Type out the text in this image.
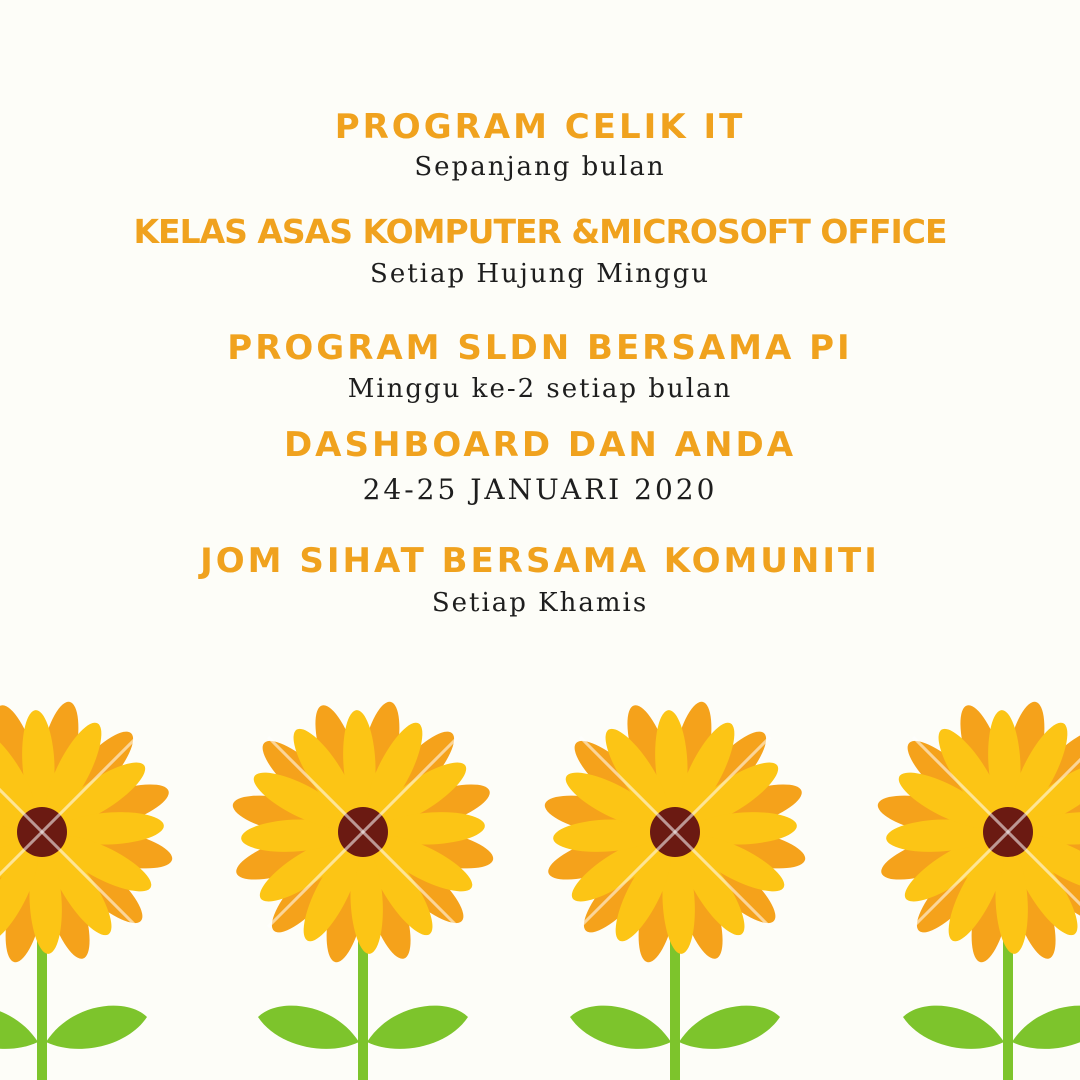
PROGRAM CELIK IT
Sepanjang bulan
KELAS ASAS KOMPUTER &MICROSOFT OFFICE
Setiap Hujung Minggu
PROGRAM SLDN BERSAMA PI
Minggu ke-2 setiap bulan
DASHBOARD DAN ANDA
24-25 JANUARI 2020
JOM SIHAT BERSAMA KOMUNITI
Setiap Khamis
